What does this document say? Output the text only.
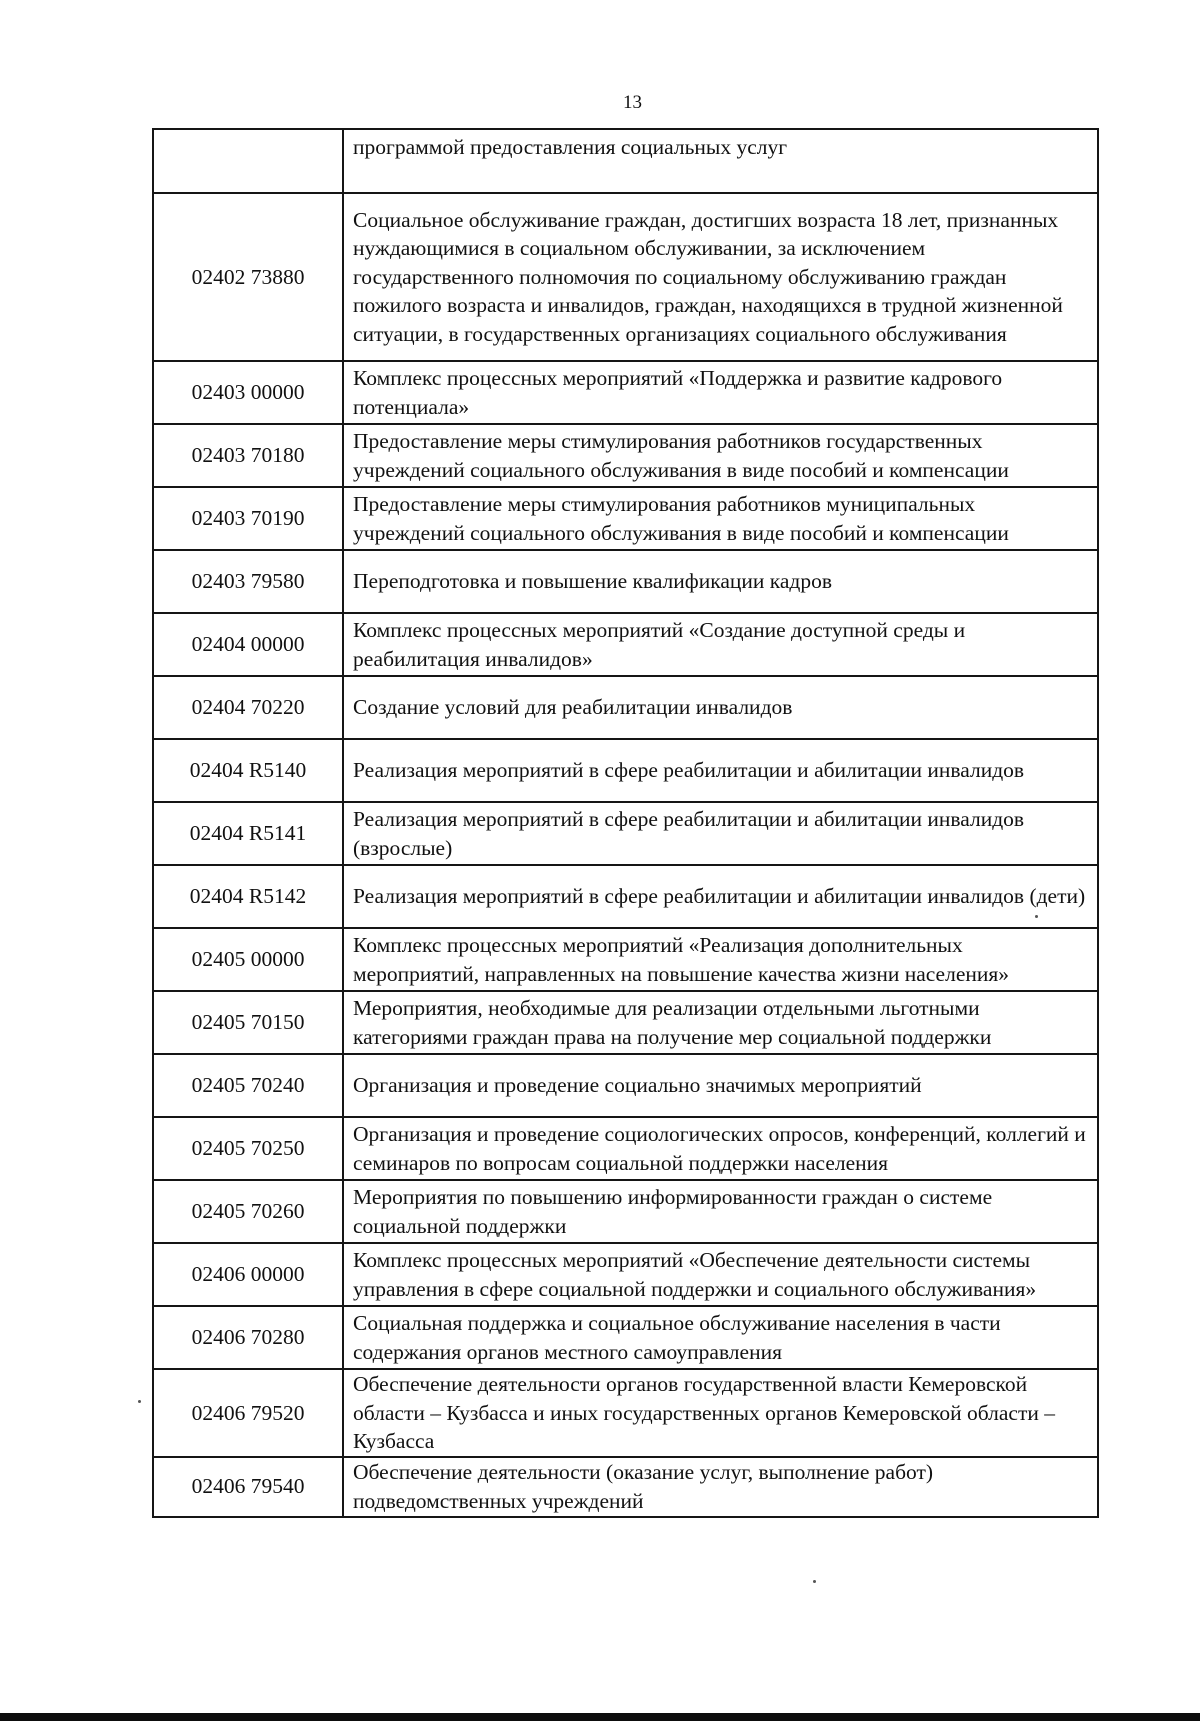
13
	программой предоставления социальных услуг
02402 73880	Социальное обслуживание граждан, достигших возраста 18 лет, признанных нуждающимися в социальном обслуживании, за исключением государственного полномочия по социальному обслуживанию граждан пожилого возраста и инвалидов, граждан, находящихся в трудной жизненной ситуации, в государственных организациях социального обслуживания
02403 00000	Комплекс процессных мероприятий «Поддержка и развитие кадрового потенциала»
02403 70180	Предоставление меры стимулирования работников государственных учреждений социального обслуживания в виде пособий и компенсации
02403 70190	Предоставление меры стимулирования работников муниципальных учреждений социального обслуживания в виде пособий и компенсации
02403 79580	Переподготовка и повышение квалификации кадров
02404 00000	Комплекс процессных мероприятий «Создание доступной среды и реабилитация инвалидов»
02404 70220	Создание условий для реабилитации инвалидов
02404 R5140	Реализация мероприятий в сфере реабилитации и абилитации инвалидов
02404 R5141	Реализация мероприятий в сфере реабилитации и абилитации инвалидов (взрослые)
02404 R5142	Реализация мероприятий в сфере реабилитации и абилитации инвалидов (дети)
02405 00000	Комплекс процессных мероприятий «Реализация дополнительных мероприятий, направленных на повышение качества жизни населения»
02405 70150	Мероприятия, необходимые для реализации отдельными льготными категориями граждан права на получение мер социальной поддержки
02405 70240	Организация и проведение социально значимых мероприятий
02405 70250	Организация и проведение социологических опросов, конференций, коллегий и семинаров по вопросам социальной поддержки населения
02405 70260	Мероприятия по повышению информированности граждан о системе социальной поддержки
02406 00000	Комплекс процессных мероприятий «Обеспечение деятельности системы управления в сфере социальной поддержки и социального обслуживания»
02406 70280	Социальная поддержка и социальное обслуживание населения в части содержания органов местного самоуправления
02406 79520	Обеспечение деятельности органов государственной власти Кемеровской области – Кузбасса и иных государственных органов Кемеровской области – Кузбасса
02406 79540	Обеспечение деятельности (оказание услуг, выполнение работ) подведомственных учреждений
